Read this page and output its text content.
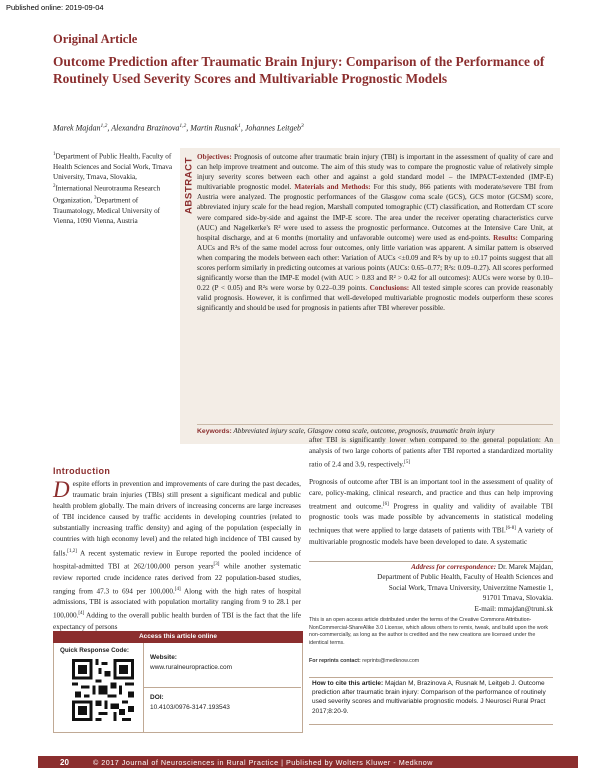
Published online: 2019-09-04
Original Article
Outcome Prediction after Traumatic Brain Injury: Comparison of the Performance of Routinely Used Severity Scores and Multivariable Prognostic Models
Marek Majdan$^{1,2}$, Alexandra Brazinova$^{1,2}$, Martin Rusnak$^1$, Johannes Leitgeb$^3$
$^1$Department of Public Health, Faculty of Health Sciences and Social Work, Trnava University, Trnava, Slovakia, $^2$International Neurotrauma Research Organization, $^3$Department of Traumatology, Medical University of Vienna, 1090 Vienna, Austria
ABSTRACT Objectives: Prognosis of outcome after traumatic brain injury (TBI) is important in the assessment of quality of care and can help improve treatment and outcome. The aim of this study was to compare the prognostic value of relatively simple injury severity scores between each other and against a gold standard model – the IMPACT-extended (IMP-E) multivariable prognostic model. Materials and Methods: For this study, 866 patients with moderate/severe TBI from Austria were analyzed. The prognostic performances of the Glasgow coma scale (GCS), GCS motor (GCSM) score, abbreviated injury scale for the head region, Marshall computed tomographic (CT) classification, and Rotterdam CT score were compared side-by-side and against the IMP-E score. The area under the receiver operating characteristics curve (AUC) and Nagelkerke's R² were used to assess the prognostic performance. Outcomes at the Intensive Care Unit, at hospital discharge, and at 6 months (mortality and unfavorable outcome) were used as end-points. Results: Comparing AUCs and R²s of the same model across four outcomes, only little variation was apparent. A similar pattern is observed when comparing the models between each other: Variation of AUCs <±0.09 and R²s by up to ±0.17 points suggest that all scores perform similarly in predicting outcomes at various points (AUCs: 0.65–0.77; R²s: 0.09–0.27). All scores performed significantly worse than the IMP-E model (with AUC > 0.83 and R² > 0.42 for all outcomes): AUCs were worse by 0.10–0.22 (P < 0.05) and R²s were worse by 0.22–0.39 points. Conclusions: All tested simple scores can provide reasonably valid prognosis. However, it is confirmed that well-developed multivariable prognostic models outperform these scores significantly and should be used for prognosis in patients after TBI wherever possible.
Keywords: Abbreviated injury scale, Glasgow coma scale, outcome, prognosis, traumatic brain injury
Introduction
Despite efforts in prevention and improvements of care during the past decades, traumatic brain injuries (TBIs) still present a significant medical and public health problem globally. The main drivers of increasing concerns are large increases of TBI incidence caused by traffic accidents in developing countries (related to substantially increasing traffic density) and aging of the population (especially in countries with high economy level) and the related high incidence of TBI caused by falls.[1,2] A recent systematic review in Europe reported the pooled incidence of hospital-admitted TBI at 262/100,000 person years[3] while another systematic review reported crude incidence rates derived from 22 population-based studies, ranging from 47.3 to 694 per 100,000.[4] Along with the high rates of hospital admissions, TBI is associated with population mortality ranging from 9 to 28.1 per 100,000.[4] Adding to the overall public health burden of TBI is the fact that the life expectancy of persons

after TBI is significantly lower when compared to the general population: An analysis of two large cohorts of patients after TBI reported a standardized mortality ratio of 2.4 and 3.9, respectively.[5]

Prognosis of outcome after TBI is an important tool in the assessment of quality of care, policy-making, clinical research, and practice and thus can help improving treatment and outcome.[6] Progress in quality and validity of available TBI prognostic tools was made possible by advancements in statistical modeling techniques that were applied to large datasets of patients with TBI.[6-8] A variety of multivariable prognostic models have been developed to date. A systematic

Address for correspondence: Dr. Marek Majdan,
Department of Public Health, Faculty of Health Sciences and
Social Work, Trnava University, Univerzitne Namestie 1,
91701 Trnava, Slovakia.
E-mail: mmajdan@truni.sk
Access this article online
Quick Response Code:
Website:
www.ruralneuropractice.com
DOI:
10.4103/0976-3147.193543
This is an open access article distributed under the terms of the Creative Commons Attribution-NonCommercial-ShareAlike 3.0 License, which allows others to remix, tweak, and build upon the work non-commercially, as long as the author is credited and the new creations are licensed under the identical terms.
For reprints contact: reprints@medknow.com
How to cite this article: Majdan M, Brazinova A, Rusnak M, Leitgeb J. Outcome prediction after traumatic brain injury: Comparison of the performance of routinely used severity scores and multivariable prognostic models. J Neurosci Rural Pract 2017;8:20-9.
20	© 2017 Journal of Neurosciences in Rural Practice | Published by Wolters Kluwer - Medknow
